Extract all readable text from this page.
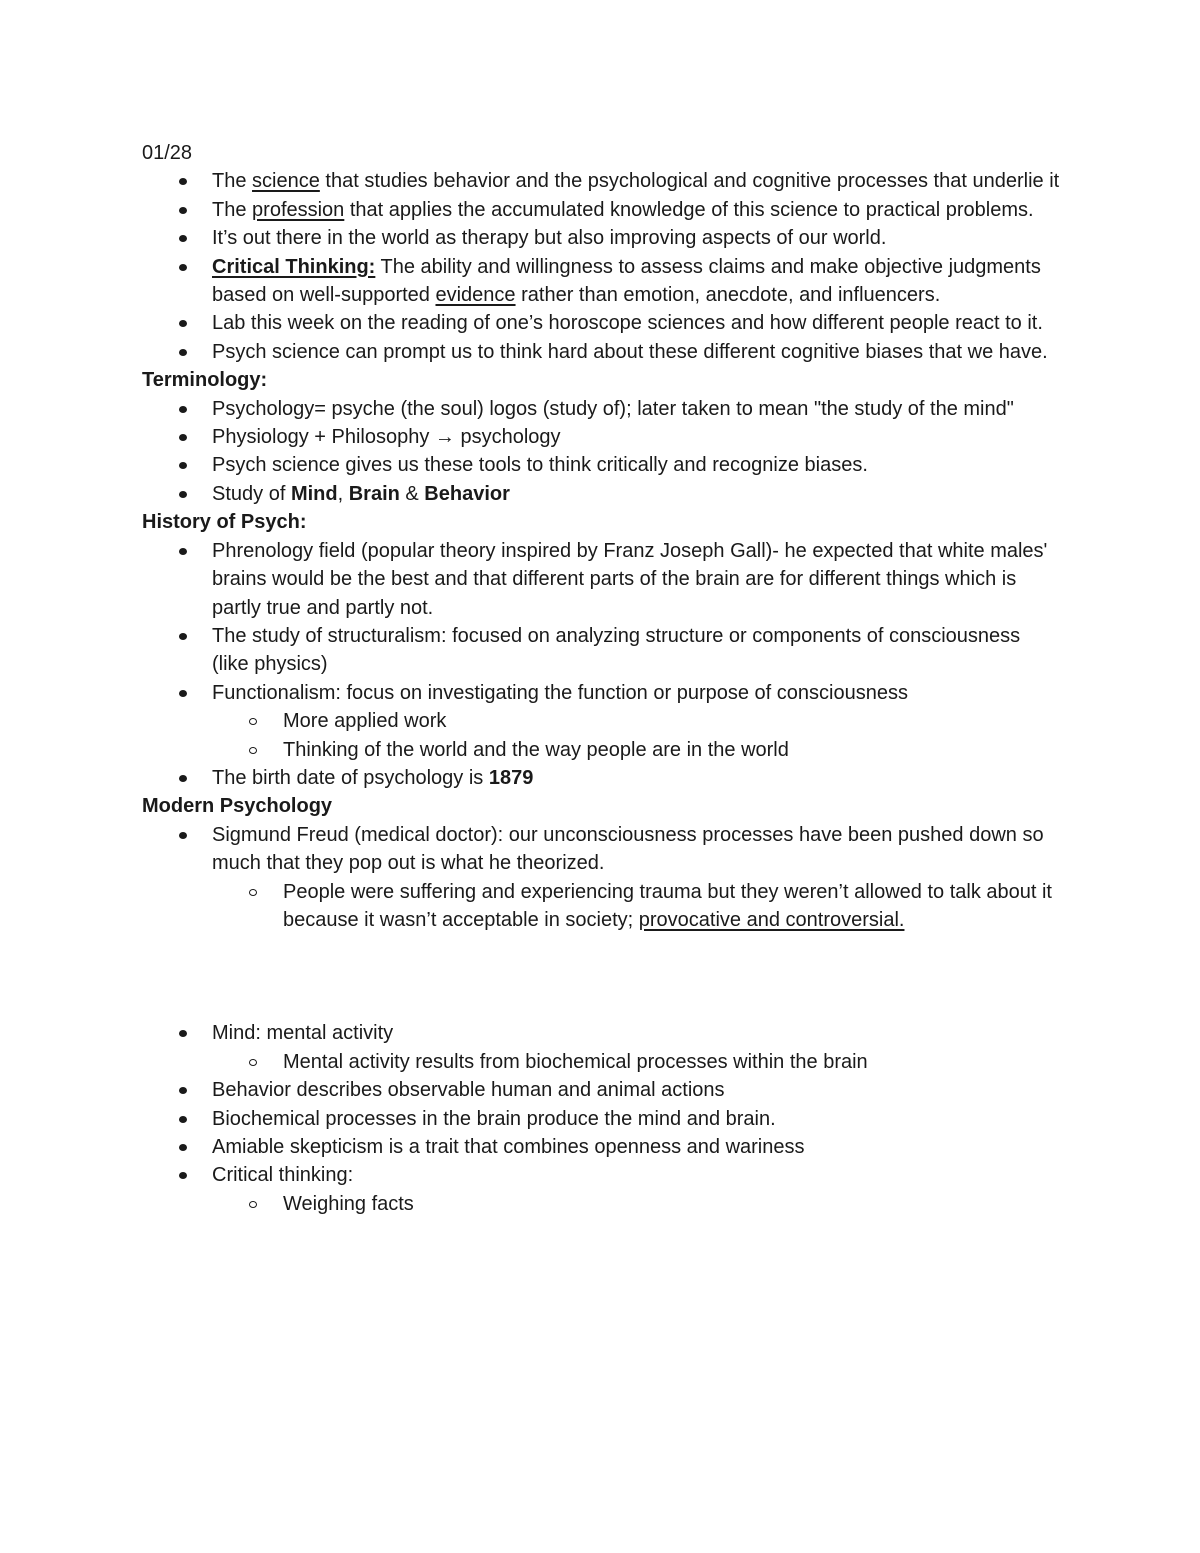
01/28
The science that studies behavior and the psychological and cognitive processes that underlie it
The profession that applies the accumulated knowledge of this science to practical problems.
It’s out there in the world as therapy but also improving aspects of our world.
Critical Thinking: The ability and willingness to assess claims and make objective judgments based on well-supported evidence rather than emotion, anecdote, and influencers.
Lab this week on the reading of one’s horoscope sciences and how different people react to it.
Psych science can prompt us to think hard about these different cognitive biases that we have.
Terminology:
Psychology= psyche (the soul) logos (study of); later taken to mean "the study of the mind"
Physiology + Philosophy → psychology
Psych science gives us these tools to think critically and recognize biases.
Study of Mind, Brain & Behavior
History of Psych:
Phrenology field (popular theory inspired by Franz Joseph Gall)- he expected that white males' brains would be the best and that different parts of the brain are for different things which is partly true and partly not.
The study of structuralism: focused on analyzing structure or components of consciousness (like physics)
Functionalism: focus on investigating the function or purpose of consciousness
More applied work
Thinking of the world and the way people are in the world
The birth date of psychology is 1879
Modern Psychology
Sigmund Freud (medical doctor): our unconsciousness processes have been pushed down so much that they pop out is what he theorized.
People were suffering and experiencing trauma but they weren’t allowed to talk about it because it wasn’t acceptable in society; provocative and controversial.
Mind: mental activity
Mental activity results from biochemical processes within the brain
Behavior describes observable human and animal actions
Biochemical processes in the brain produce the mind and brain.
Amiable skepticism is a trait that combines openness and wariness
Critical thinking:
Weighing facts
